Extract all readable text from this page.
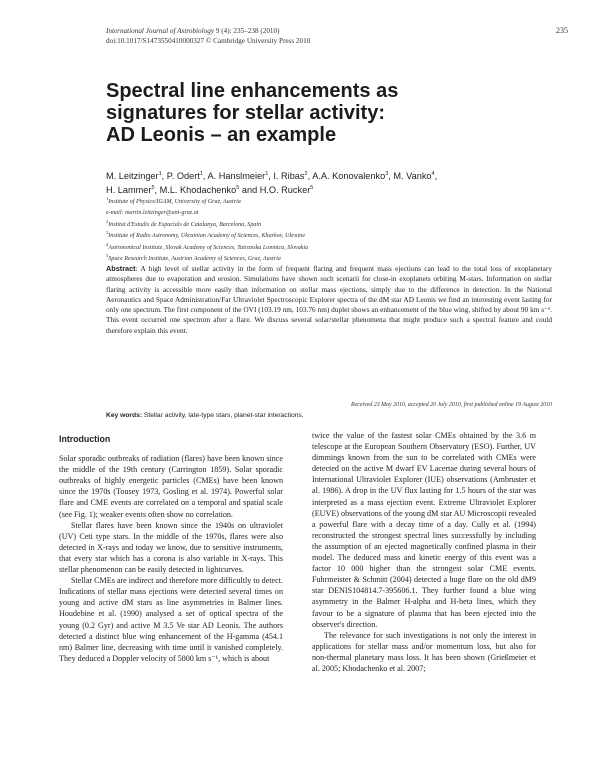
International Journal of Astrobiology 9 (4): 235–238 (2010)
doi:10.1017/S1473550410000327 © Cambridge University Press 2010
235
Spectral line enhancements as
signatures for stellar activity:
AD Leonis – an example

M. Leitzinger$^1$, P. Odert$^1$, A. Hanslmeier$^1$, I. Ribas$^2$, A.A. Konovalenko$^3$, M. Vanko$^4$,
H. Lammer$^5$, M.L. Khodachenko$^5$ and H.O. Rucker$^5$

$^1$Institute of Physics/IGAM, University of Graz, Austria
e-mail: martin.leitzinger@uni-graz.at
$^2$Institut d'Estudis de Espacials de Catalunya, Barcelona, Spain
$^3$Institute of Radio Astronomy, Ukrainian Academy of Sciences, Kharkov, Ukraine
$^4$Astronomical Institute, Slovak Academy of Sciences, Tatranska Lomnica, Slovakia
$^5$Space Research Institute, Austrian Academy of Sciences, Graz, Austria

Abstract: A high level of stellar activity in the form of frequent flaring and frequent mass ejections can lead to the total loss of exoplanetary atmospheres due to evaporation and erosion. Simulations have shown such scenarii for close-in exoplanets orbiting M-stars. Information on stellar flaring activity is accessible more easily than information on stellar mass ejections, simply due to the difference in detection. In the National Aeronautics and Space Administration/Far Ultraviolet Spectroscopic Explorer spectra of the dM star AD Leonis we find an interesting event lasting for only one spectrum. The first component of the OVI (103.19 nm, 103.76 nm) duplet shows an enhancement of the blue wing, shifted by about 90 km s⁻¹. This event occurred one spectrum after a flare. We discuss several solar/stellar phenomena that might produce such a spectral feature and could therefore explain this event.

Received 23 May 2010, accepted 20 July 2010, first published online 19 August 2010
Key words: Stellar activity, late-type stars, planet-star interactions.
Introduction

Solar sporadic outbreaks of radiation (flares) have been known since the middle of the 19th century (Carrington 1859). Solar sporadic outbreaks of highly energetic particles (CMEs) have been known since the 1970s (Tousey 1973, Gosling et al. 1974). Powerful solar flare and CME events are correlated on a temporal and spatial scale (see Fig. 1); weaker events often show no correlation.

Stellar flares have been known since the 1940s on ultraviolet (UV) Ceti type stars. In the middle of the 1970s, flares were also detected in X-rays and today we know, due to sensitive instruments, that every star which has a corona is also variable in X-rays. This stellar phenomenon can be easily detected in lightcurves.

Stellar CMEs are indirect and therefore more difficultly to detect. Indications of stellar mass ejections were detected several times on young and active dM stars as line asymmetries in Balmer lines. Houdebine et al. (1990) analysed a set of optical spectra of the young (0.2 Gyr) and active M 3.5 Ve star AD Leonis. The authors detected a distinct blue wing enhancement of the H-gamma (454.1 nm) Balmer line, decreasing with time until it vanished completely. They deduced a Doppler velocity of 5800 km s⁻¹, which is about

twice the value of the fastest solar CMEs obtained by the 3.6 m telescope at the European Southern Observatory (ESO). Further, UV dimmings known from the sun to be correlated with CMEs were detected on the active M dwarf EV Lacertae during several hours of International Ultraviolet Explorer (IUE) observations (Ambruster et al. 1986). A drop in the UV flux lasting for 1.5 hours of the star was interpreted as a mass ejection event. Extreme Ultraviolet Explorer (EUVE) observations of the young dM star AU Microscopii revealed a powerful flare with a decay time of a day. Cully et al. (1994) reconstructed the strongest spectral lines successfully by including the assumption of an ejected magnetically confined plasma in their model. The deduced mass and kinetic energy of this event was a factor 10 000 higher than the strongest solar CME events. Fuhrmeister & Schmitt (2004) detected a huge flare on the old dM9 star DENIS104814.7-395606.1. They further found a blue wing asymmetry in the Balmer H-alpha and H-beta lines, which they favour to be a signature of plasma that has been ejected into the observer's direction.

The relevance for such investigations is not only the interest in applications for stellar mass and/or momentum loss, but also for non-thermal planetary mass loss. It has been shown (Grießmeier et al. 2005; Khodachenko et al. 2007;
